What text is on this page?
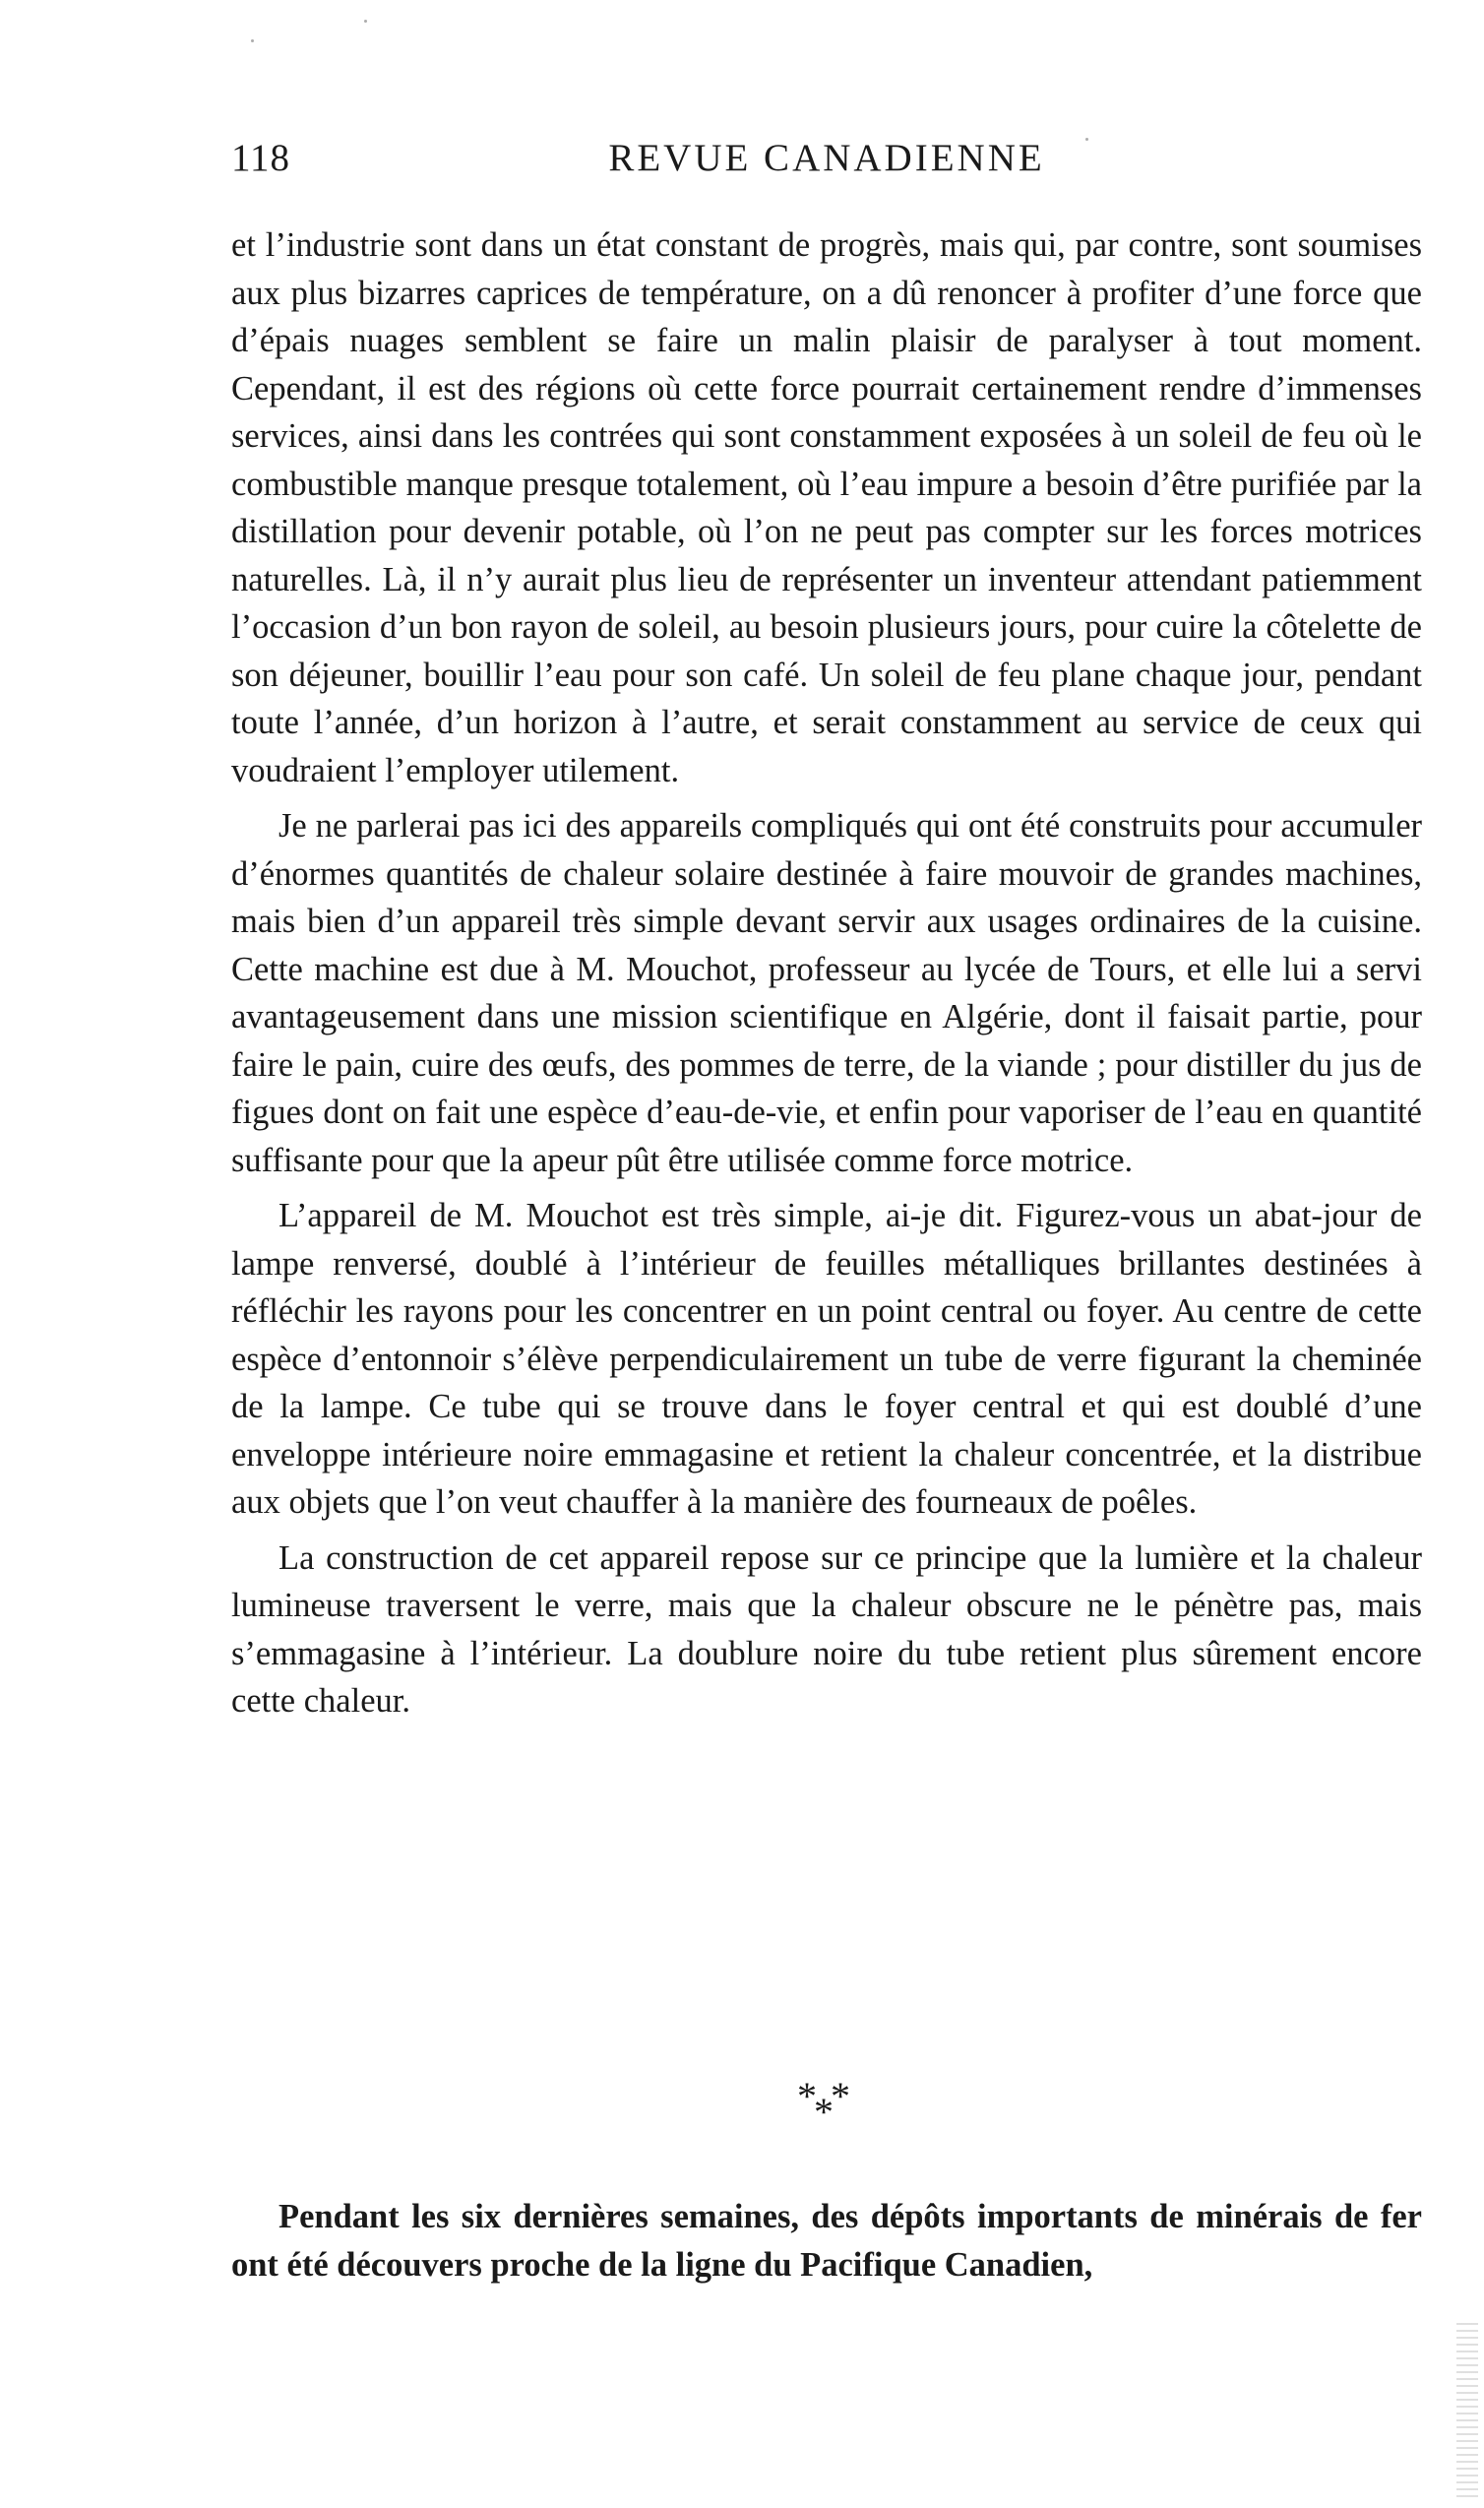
118	REVUE CANADIENNE

et l’industrie sont dans un état constant de progrès, mais qui, par contre, sont soumises aux plus bizarres caprices de température, on a dû renoncer à profiter d’une force que d’épais nuages semblent se faire un malin plaisir de paralyser à tout moment. Cependant, il est des régions où cette force pourrait certainement rendre d’immenses services, ainsi dans les contrées qui sont constamment exposées à un soleil de feu où le combustible manque presque totalement, où l’eau impure a besoin d’être purifiée par la distillation pour devenir potable, où l’on ne peut pas compter sur les forces motrices naturelles. Là, il n’y aurait plus lieu de représenter un inventeur attendant patiemment l’occasion d’un bon rayon de soleil, au besoin plusieurs jours, pour cuire la côtelette de son déjeuner, bouillir l’eau pour son café. Un soleil de feu plane chaque jour, pendant toute l’année, d’un horizon à l’autre, et serait constamment au service de ceux qui voudraient l’employer utilement.

Je ne parlerai pas ici des appareils compliqués qui ont été construits pour accumuler d’énormes quantités de chaleur solaire destinée à faire mouvoir de grandes machines, mais bien d’un appareil très simple devant servir aux usages ordinaires de la cuisine. Cette machine est due à M. Mouchot, professeur au lycée de Tours, et elle lui a servi avantageusement dans une mission scientifique en Algérie, dont il faisait partie, pour faire le pain, cuire des œufs, des pommes de terre, de la viande ; pour distiller du jus de figues dont on fait une espèce d’eau-de-vie, et enfin pour vaporiser de l’eau en quantité suffisante pour que la apeur pût être utilisée comme force motrice.

L’appareil de M. Mouchot est très simple, ai-je dit. Figurez-vous un abat-jour de lampe renversé, doublé à l’intérieur de feuilles métalliques brillantes destinées à réfléchir les rayons pour les concentrer en un point central ou foyer. Au centre de cette espèce d’entonnoir s’élève perpendiculairement un tube de verre figurant la cheminée de la lampe. Ce tube qui se trouve dans le foyer central et qui est doublé d’une enveloppe intérieure noire emmagasine et retient la chaleur concentrée, et la distribue aux objets que l’on veut chauffer à la manière des fourneaux de poêles.

La construction de cet appareil repose sur ce principe que la lumière et la chaleur lumineuse traversent le verre, mais que la chaleur obscure ne le pénètre pas, mais s’emmagasine à l’intérieur. La doublure noire du tube retient plus sûrement encore cette chaleur.

*
*
*

Pendant les six dernières semaines, des dépôts importants de minérais de fer ont été découvers proche de la ligne du Pacifique Canadien,
